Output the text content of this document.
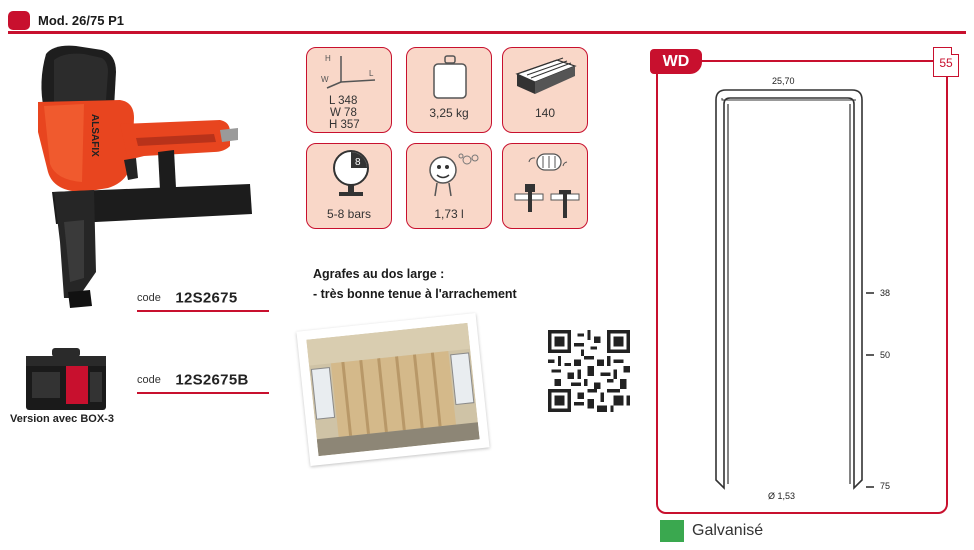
Mod. 26/75 P1
ALSAFIX
code 12S2675
Version avec BOX-3
code 12S2675B
H
W
L
L 348
W 78
H 357
3,25 kg	140
8
5-8 bars	1,73 l
Agrafes au dos large :
- très bonne tenue à l'arrachement
WD	55
25,70
38
50
75
Ø 1,53
Galvanisé
